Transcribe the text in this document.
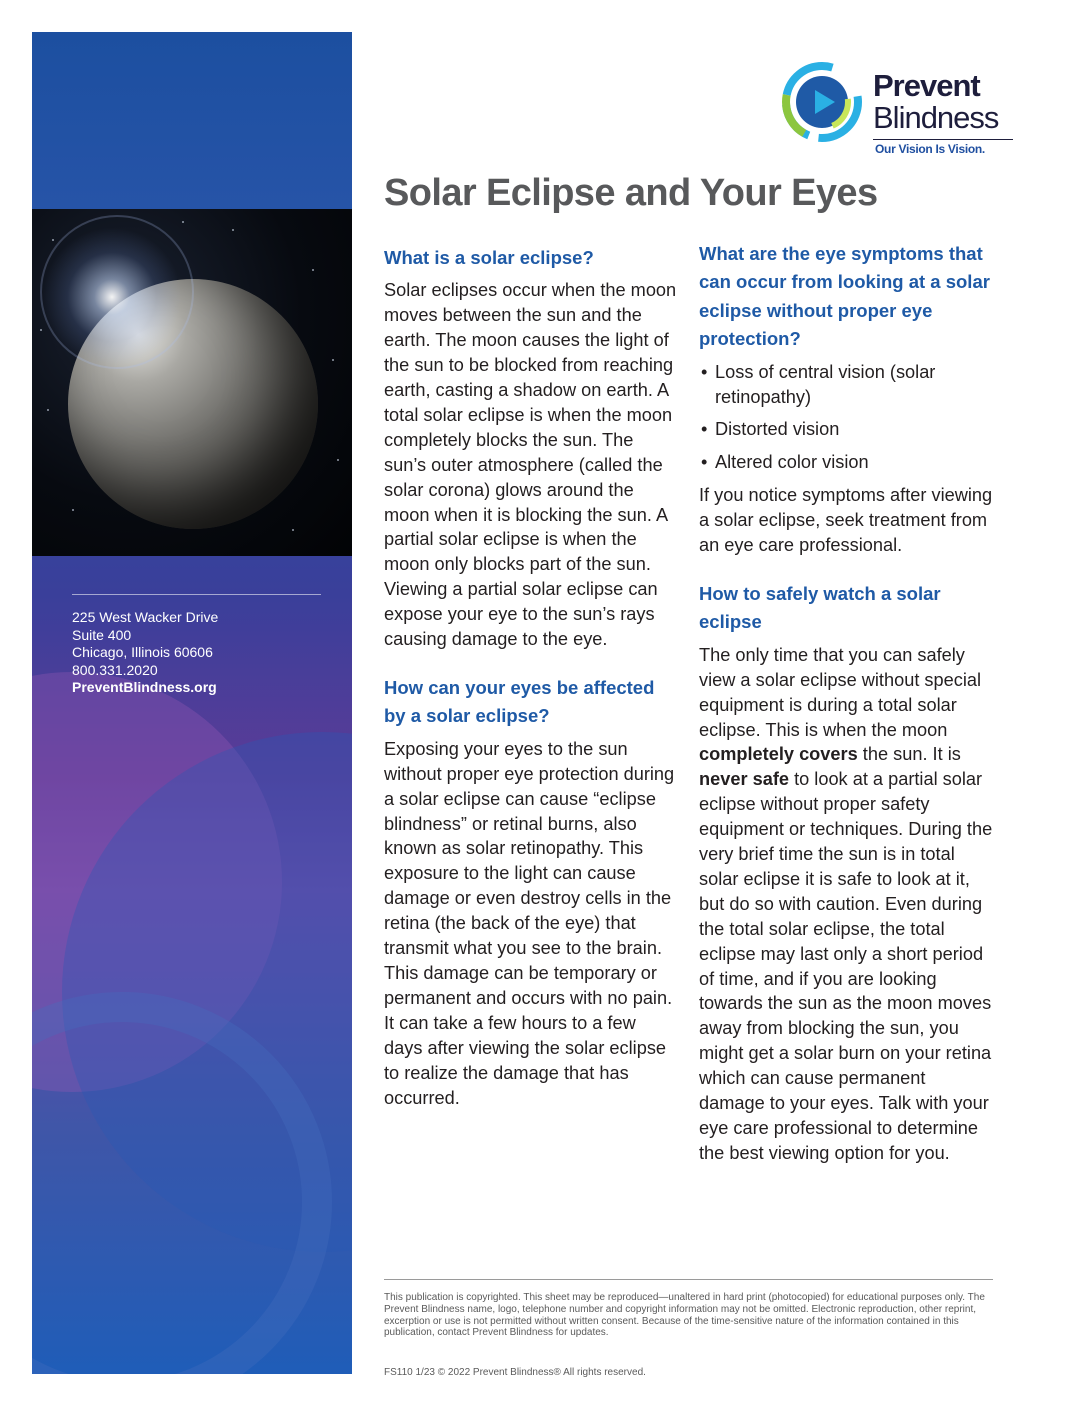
225 West Wacker Drive
Suite 400
Chicago, Illinois 60606
800.331.2020
PreventBlindness.org
Prevent
Blindness
Our Vision Is Vision.
Solar Eclipse and Your Eyes
What is a solar eclipse?

Solar eclipses occur when the moon moves between the sun and the earth. The moon causes the light of the sun to be blocked from reaching earth, casting a shadow on earth. A total solar eclipse is when the moon completely blocks the sun. The sun’s outer atmosphere (called the solar corona) glows around the moon when it is blocking the sun. A partial solar eclipse is when the moon only blocks part of the sun. Viewing a partial solar eclipse can expose your eye to the sun’s rays causing damage to the eye.

How can your eyes be affected by a solar eclipse?

Exposing your eyes to the sun without proper eye protection during a solar eclipse can cause “eclipse blindness” or retinal burns, also known as solar retinopathy. This exposure to the light can cause damage or even destroy cells in the retina (the back of the eye) that transmit what you see to the brain. This damage can be temporary or permanent and occurs with no pain. It can take a few hours to a few days after viewing the solar eclipse to realize the damage that has occurred.

What are the eye symptoms that can occur from looking at a solar eclipse without proper eye protection?
• Loss of central vision (solar retinopathy)
• Distorted vision
• Altered color vision

If you notice symptoms after viewing a solar eclipse, seek treatment from an eye care professional.

How to safely watch a solar eclipse

The only time that you can safely view a solar eclipse without special equipment is during a total solar eclipse. This is when the moon completely covers the sun. It is never safe to look at a partial solar eclipse without proper safety equipment or techniques. During the very brief time the sun is in total solar eclipse it is safe to look at it, but do so with caution. Even during the total solar eclipse, the total eclipse may last only a short period of time, and if you are looking towards the sun as the moon moves away from blocking the sun, you might get a solar burn on your retina which can cause permanent damage to your eyes. Talk with your eye care professional to determine the best viewing option for you.

This publication is copyrighted. This sheet may be reproduced—unaltered in hard print (photocopied) for educational purposes only. The Prevent Blindness name, logo, telephone number and copyright information may not be omitted. Electronic reproduction, other reprint, excerption or use is not permitted without written consent. Because of the time-sensitive nature of the information contained in this publication, contact Prevent Blindness for updates.
FS110 1/23 © 2022 Prevent Blindness® All rights reserved.
